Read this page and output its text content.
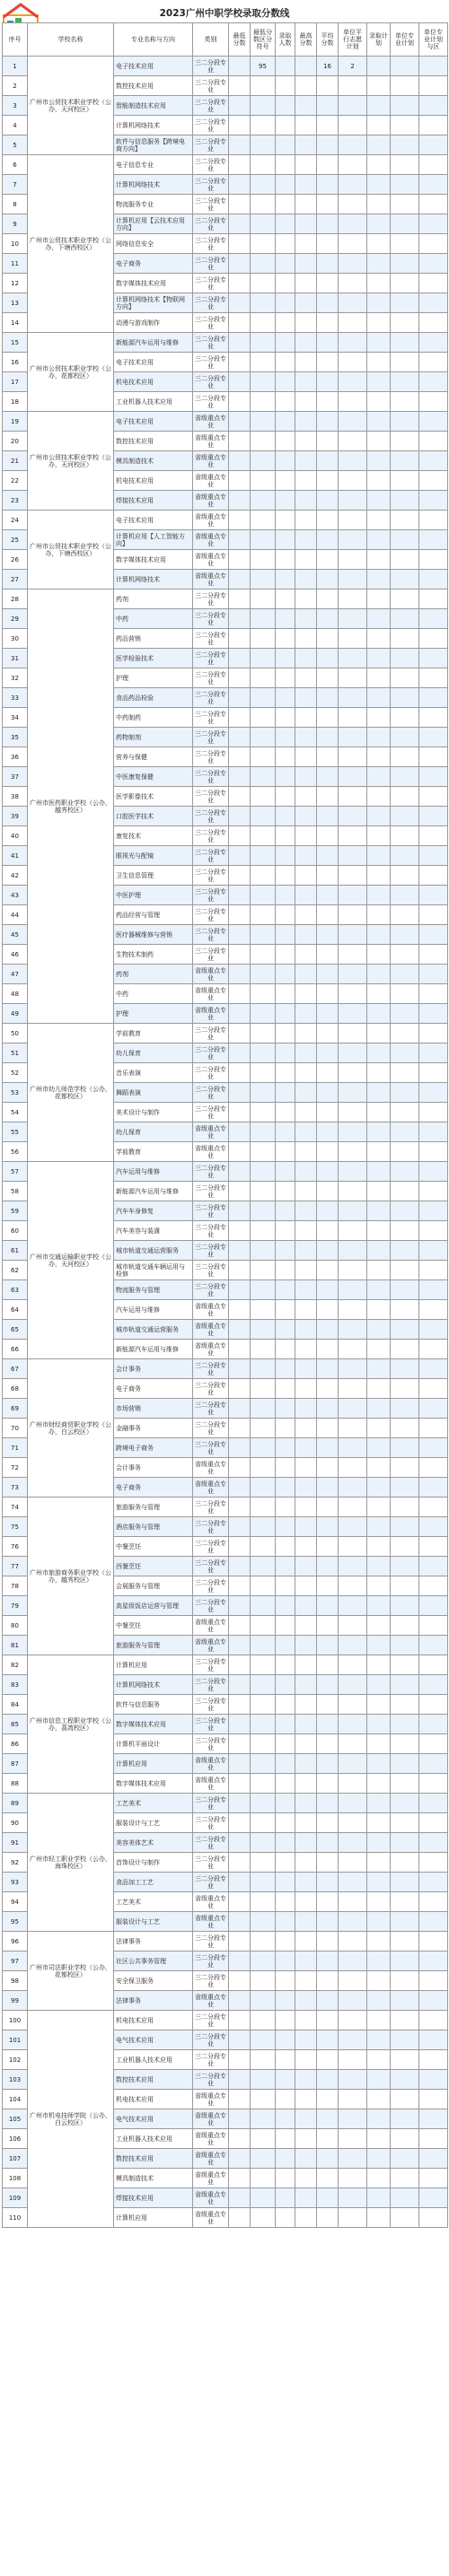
2023广州中职学校录取分数线
序号	学校名称	专业名称与方向	类别	最低分数	最低分数区分符号	录取人数	最高分数	平均分数	单位平行志愿计划	录取计划	单位专业计划	单位专业计划与区
1	广州市公贸技术职业学校（公办，天河校区）	电子技术应用	三二分段专业		95			16	2			
2		数控技术应用	三二分段专业									
3		智能制造技术应用	三二分段专业									
4		计算机网络技术	三二分段专业									
5		软件与信息服务【跨境电商方向】	三二分段专业									
6	广州市公贸技术职业学校（公办，下塘西校区）	电子信息专业	三二分段专业									
7		计算机网络技术	三二分段专业									
8		物流服务专业	三二分段专业									
9		计算机应用【云技术应用方向】	三二分段专业									
10		网络信息安全	三二分段专业									
11		电子商务	三二分段专业									
12		数字媒体技术应用	三二分段专业									
13		计算机网络技术【物联网方向】	三二分段专业									
14		动漫与游戏制作	三二分段专业									
15	广州市公贸技术职业学校（公办，花都校区）	新能源汽车运用与维修	三二分段专业									
16		电子技术应用	三二分段专业									
17		机电技术应用	三二分段专业									
18		工业机器人技术应用	三二分段专业									
19	广州市公贸技术职业学校（公办，天河校区）	电子技术应用	省级重点专业									
20		数控技术应用	省级重点专业									
21		模具制造技术	省级重点专业									
22		机电技术应用	省级重点专业									
23		焊接技术应用	省级重点专业									
24	广州市公贸技术职业学校（公办，下塘西校区）	电子技术应用	省级重点专业									
25		计算机应用【人工智能方向】	省级重点专业									
26		数字媒体技术应用	省级重点专业									
27		计算机网络技术	省级重点专业									
28	广州市医药职业学校（公办，越秀校区）	药剂	三二分段专业									
29		中药	三二分段专业									
30		药品营销	三二分段专业									
31		医学检验技术	三二分段专业									
32		护理	三二分段专业									
33		食品药品检验	三二分段专业									
34		中药制药	三二分段专业									
35		药物制剂	三二分段专业									
36		营养与保健	三二分段专业									
37		中医康复保健	三二分段专业									
38		医学影像技术	三二分段专业									
39		口腔医学技术	三二分段专业									
40		康复技术	三二分段专业									
41		眼视光与配镜	三二分段专业									
42		卫生信息管理	三二分段专业									
43		中医护理	三二分段专业									
44		药品经营与管理	三二分段专业									
45		医疗器械维修与营销	三二分段专业									
46		生物技术制药	三二分段专业									
47		药剂	省级重点专业									
48		中药	省级重点专业									
49		护理	省级重点专业									
50	广州市幼儿师范学校（公办，花都校区）	学前教育	三二分段专业									
51		幼儿保育	三二分段专业									
52		音乐表演	三二分段专业									
53		舞蹈表演	三二分段专业									
54		美术设计与制作	三二分段专业									
55		幼儿保育	省级重点专业									
56		学前教育	省级重点专业									
57	广州市交通运输职业学校（公办，天河校区）	汽车运用与维修	三二分段专业									
58		新能源汽车运用与维修	三二分段专业									
59		汽车车身修复	三二分段专业									
60		汽车美容与装潢	三二分段专业									
61		城市轨道交通运营服务	三二分段专业									
62		城市轨道交通车辆运用与检修	三二分段专业									
63		物流服务与管理	三二分段专业									
64		汽车运用与维修	省级重点专业									
65		城市轨道交通运营服务	省级重点专业									
66		新能源汽车运用与维修	省级重点专业									
67	广州市财经商贸职业学校（公办，白云校区）	会计事务	三二分段专业									
68		电子商务	三二分段专业									
69		市场营销	三二分段专业									
70		金融事务	三二分段专业									
71		跨境电子商务	三二分段专业									
72		会计事务	省级重点专业									
73		电子商务	省级重点专业									
74	广州市旅游商务职业学校（公办，越秀校区）	旅游服务与管理	三二分段专业									
75		酒店服务与管理	三二分段专业									
76		中餐烹饪	三二分段专业									
77		西餐烹饪	三二分段专业									
78		会展服务与管理	三二分段专业									
79		高星级饭店运营与管理	三二分段专业									
80		中餐烹饪	省级重点专业									
81		旅游服务与管理	省级重点专业									
82	广州市信息工程职业学校（公办，荔湾校区）	计算机应用	三二分段专业									
83		计算机网络技术	三二分段专业									
84		软件与信息服务	三二分段专业									
85		数字媒体技术应用	三二分段专业									
86		计算机平面设计	三二分段专业									
87		计算机应用	省级重点专业									
88		数字媒体技术应用	省级重点专业									
89	广州市轻工职业学校（公办，海珠校区）	工艺美术	三二分段专业									
90		服装设计与工艺	三二分段专业									
91		美容美体艺术	三二分段专业									
92		首饰设计与制作	三二分段专业									
93		食品加工工艺	三二分段专业									
94		工艺美术	省级重点专业									
95		服装设计与工艺	省级重点专业									
96	广州市司法职业学校（公办，花都校区）	法律事务	三二分段专业									
97		社区公共事务管理	三二分段专业									
98		安全保卫服务	三二分段专业									
99		法律事务	省级重点专业									
100	广州市机电技师学院（公办，白云校区）	机电技术应用	三二分段专业									
101		电气技术应用	三二分段专业									
102		工业机器人技术应用	三二分段专业									
103		数控技术应用	三二分段专业									
104		机电技术应用	省级重点专业									
105		电气技术应用	省级重点专业									
106		工业机器人技术应用	省级重点专业									
107		数控技术应用	省级重点专业									
108		模具制造技术	省级重点专业									
109		焊接技术应用	省级重点专业									
110		计算机应用	省级重点专业									
